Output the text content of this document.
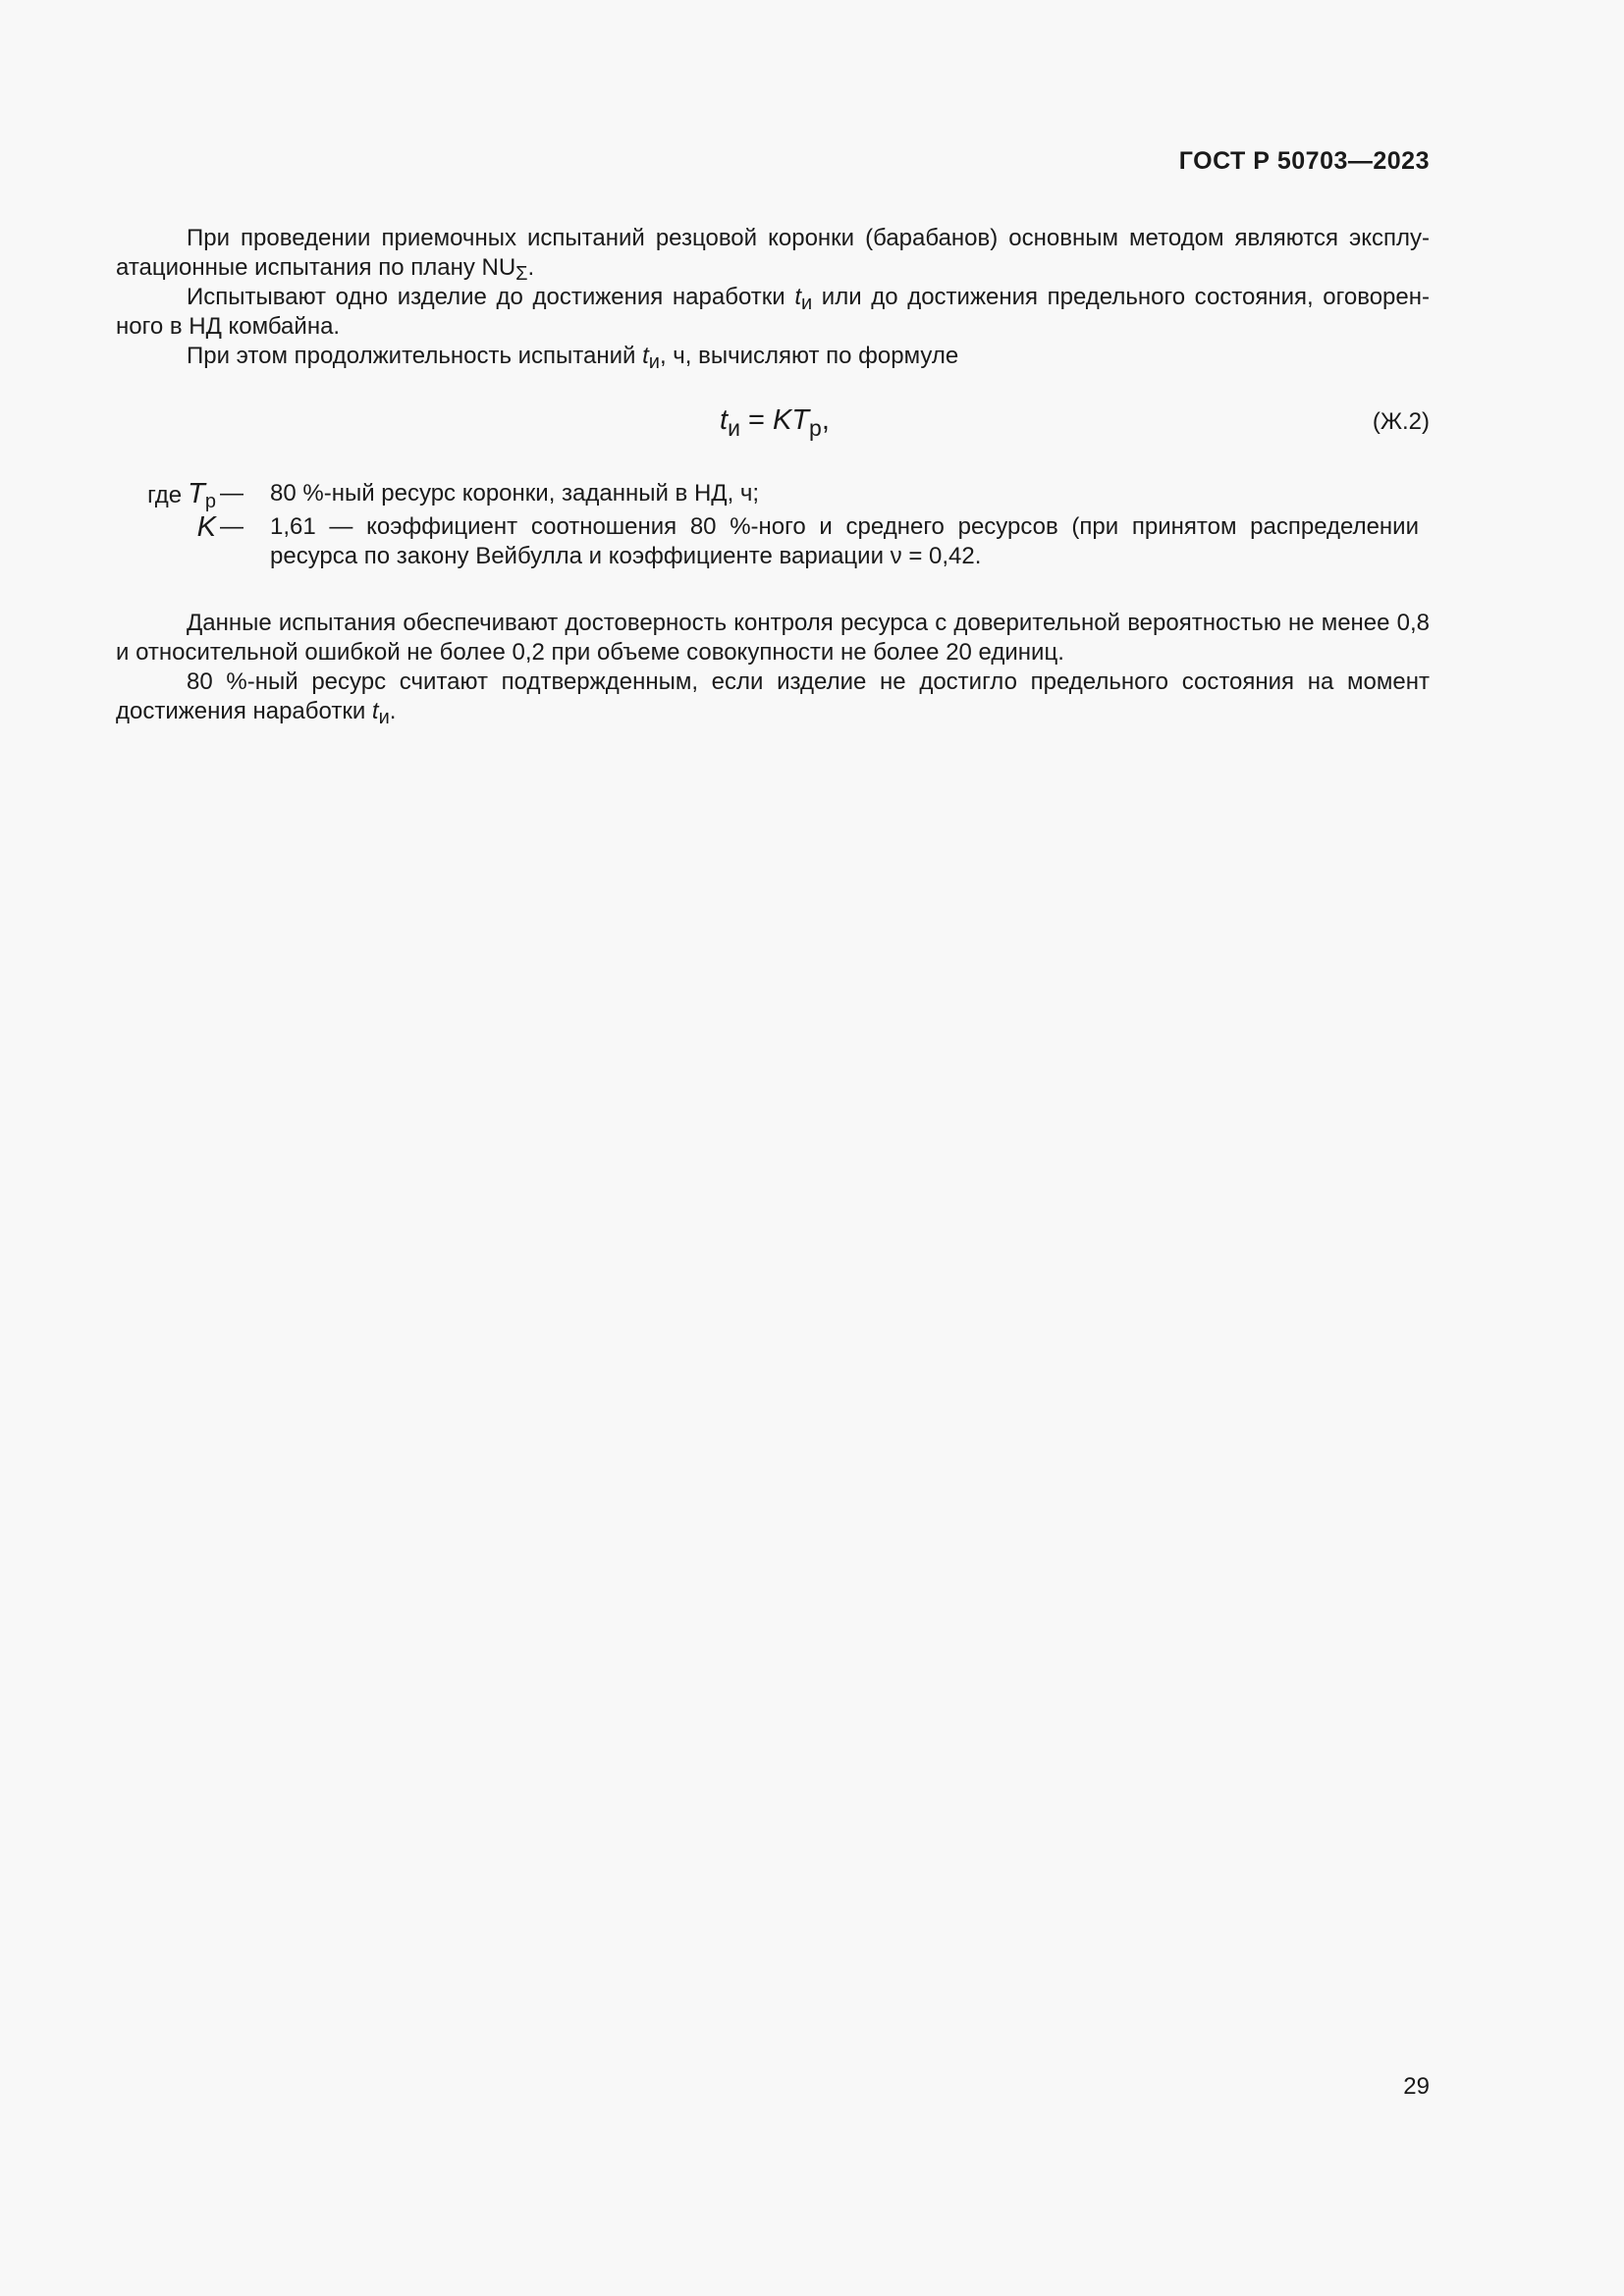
ГОСТ Р 50703—2023

При проведении приемочных испытаний резцовой коронки (барабанов) основным методом являются эксплу-атационные испытания по плану $NU_\Sigma$.

Испытывают одно изделие до достижения наработки $t_и$ или до достижения предельного состояния, оговорен-ного в НД комбайна.

При этом продолжительность испытаний $t_и$, ч, вычисляют по формуле

$t_и = KT_р$,	(Ж.2)
где $T_р$ — 80 %-ный ресурс коронки, заданный в НД, ч;
K — 1,61 — коэффициент соотношения 80 %-ного и среднего ресурсов (при принятом распределении ресурса по закону Вейбулла и коэффициенте вариации ν = 0,42.

Данные испытания обеспечивают достоверность контроля ресурса с доверительной вероятностью не менее 0,8 и относительной ошибкой не более 0,2 при объеме совокупности не более 20 единиц.

80 %-ный ресурс считают подтвержденным, если изделие не достигло предельного состояния на момент достижения наработки $t_и$.

29
